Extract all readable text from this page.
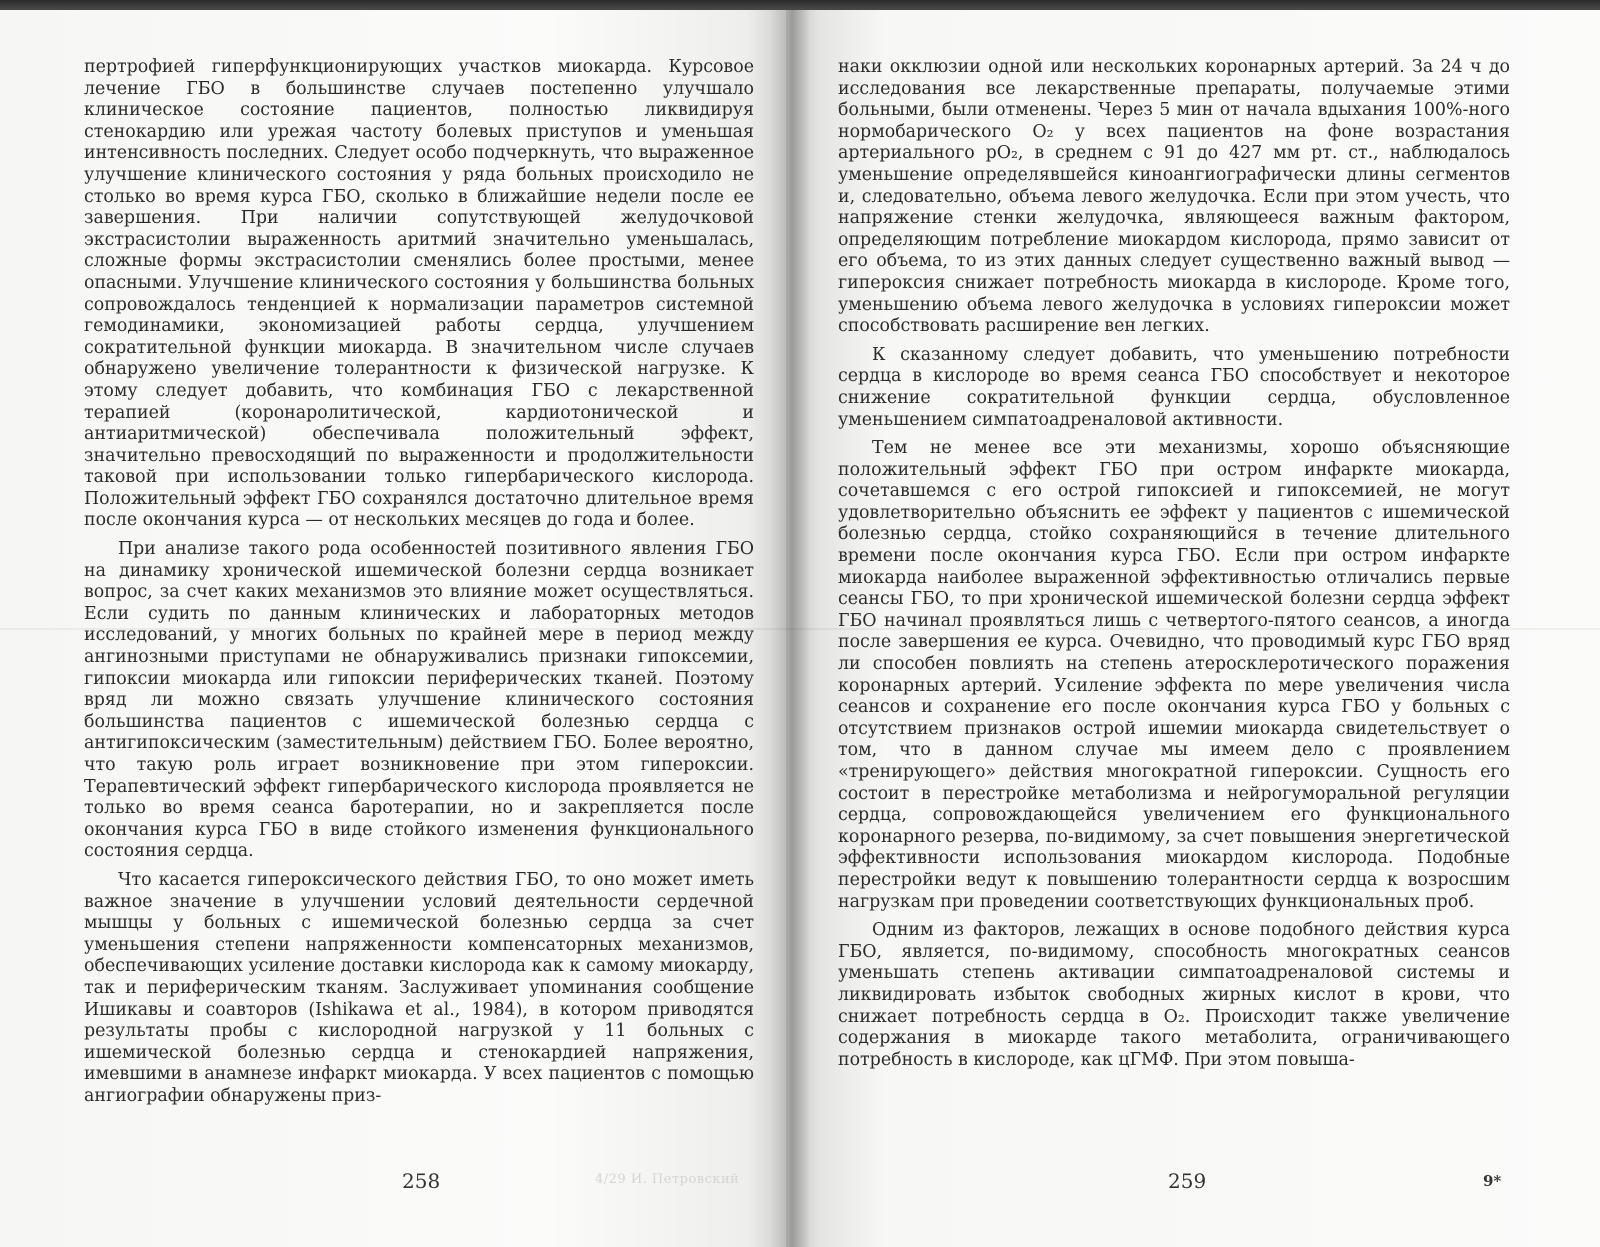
пертрофией гиперфункционирующих участков миокарда. Курсовое лечение ГБО в большинстве случаев постепенно улучшало клиническое состояние пациентов, полностью ликвидируя стенокардию или урежая частоту болевых приступов и уменьшая интенсивность последних. Следует особо подчеркнуть, что выраженное улучшение клинического состояния у ряда больных происходило не столько во время курса ГБО, сколько в ближайшие недели после ее завершения. При наличии сопутствующей желудочковой экстрасистолии выраженность аритмий значительно уменьшалась, сложные формы экстрасистолии сменялись более простыми, менее опасными. Улучшение клинического состояния у большинства больных сопровождалось тенденцией к нормализации параметров системной гемодинамики, экономизацией работы сердца, улучшением сократительной функции миокарда. В значительном числе случаев обнаружено увеличение толерантности к физической нагрузке. К этому следует добавить, что комбинация ГБО с лекарственной терапией (коронаролитической, кардиотонической и антиаритмической) обеспечивала положительный эффект, значительно превосходящий по выраженности и продолжительности таковой при использовании только гипербарического кислорода. Положительный эффект ГБО сохранялся достаточно длительное время после окончания курса — от нескольких месяцев до года и более.

При анализе такого рода особенностей позитивного явления ГБО на динамику хронической ишемической болезни сердца возникает вопрос, за счет каких механизмов это влияние может осуществляться. Если судить по данным клинических и лабораторных методов исследований, у многих больных по крайней мере в период между ангинозными приступами не обнаруживались признаки гипоксемии, гипоксии миокарда или гипоксии периферических тканей. Поэтому вряд ли можно связать улучшение клинического состояния большинства пациентов с ишемической болезнью сердца с антигипоксическим (заместительным) действием ГБО. Более вероятно, что такую роль играет возникновение при этом гипероксии. Терапевтический эффект гипербарического кислорода проявляется не только во время сеанса баротерапии, но и закрепляется после окончания курса ГБО в виде стойкого изменения функционального состояния сердца.

Что касается гипероксического действия ГБО, то оно может иметь важное значение в улучшении условий деятельности сердечной мышцы у больных с ишемической болезнью сердца за счет уменьшения степени напряженности компенсаторных механизмов, обеспечивающих усиление доставки кислорода как к самому миокарду, так и периферическим тканям. Заслуживает упоминания сообщение Ишикавы и соавторов (Ishikawa et al., 1984), в котором приводятся результаты пробы с кислородной нагрузкой у 11 больных с ишемической болезнью сердца и стенокардией напряжения, имевшими в анамнезе инфаркт миокарда. У всех пациентов с помощью ангиографии обнаружены приз-

4/29 И. Петровский
258

наки окклюзии одной или нескольких коронарных артерий. За 24 ч до исследования все лекарственные препараты, получаемые этими больными, были отменены. Через 5 мин от начала вдыхания 100%-ного нормобарического O₂ у всех пациентов на фоне возрастания артериального pO₂, в среднем с 91 до 427 мм рт. ст., наблюдалось уменьшение определявшейся киноангиографически длины сегментов и, следовательно, объема левого желудочка. Если при этом учесть, что напряжение стенки желудочка, являющееся важным фактором, определяющим потребление миокардом кислорода, прямо зависит от его объема, то из этих данных следует существенно важный вывод — гипероксия снижает потребность миокарда в кислороде. Кроме того, уменьшению объема левого желудочка в условиях гипероксии может способствовать расширение вен легких.

К сказанному следует добавить, что уменьшению потребности сердца в кислороде во время сеанса ГБО способствует и некоторое снижение сократительной функции сердца, обусловленное уменьшением симпатоадреналовой активности.

Тем не менее все эти механизмы, хорошо объясняющие положительный эффект ГБО при остром инфаркте миокарда, сочетавшемся с его острой гипоксией и гипоксемией, не могут удовлетворительно объяснить ее эффект у пациентов с ишемической болезнью сердца, стойко сохраняющийся в течение длительного времени после окончания курса ГБО. Если при остром инфаркте миокарда наиболее выраженной эффективностью отличались первые сеансы ГБО, то при хронической ишемической болезни сердца эффект ГБО начинал проявляться лишь с четвертого-пятого сеансов, а иногда после завершения ее курса. Очевидно, что проводимый курс ГБО вряд ли способен повлиять на степень атеросклеротического поражения коронарных артерий. Усиление эффекта по мере увеличения числа сеансов и сохранение его после окончания курса ГБО у больных с отсутствием признаков острой ишемии миокарда свидетельствует о том, что в данном случае мы имеем дело с проявлением «тренирующего» действия многократной гипероксии. Сущность его состоит в перестройке метаболизма и нейрогуморальной регуляции сердца, сопровождающейся увеличением его функционального коронарного резерва, по-видимому, за счет повышения энергетической эффективности использования миокардом кислорода. Подобные перестройки ведут к повышению толерантности сердца к возросшим нагрузкам при проведении соответствующих функциональных проб.

Одним из факторов, лежащих в основе подобного действия курса ГБО, является, по-видимому, способность многократных сеансов уменьшать степень активации симпатоадреналовой системы и ликвидировать избыток свободных жирных кислот в крови, что снижает потребность сердца в O₂. Происходит также увеличение содержания в миокарде такого метаболита, ограничивающего потребность в кислороде, как цГМФ. При этом повыша-

259	9*
